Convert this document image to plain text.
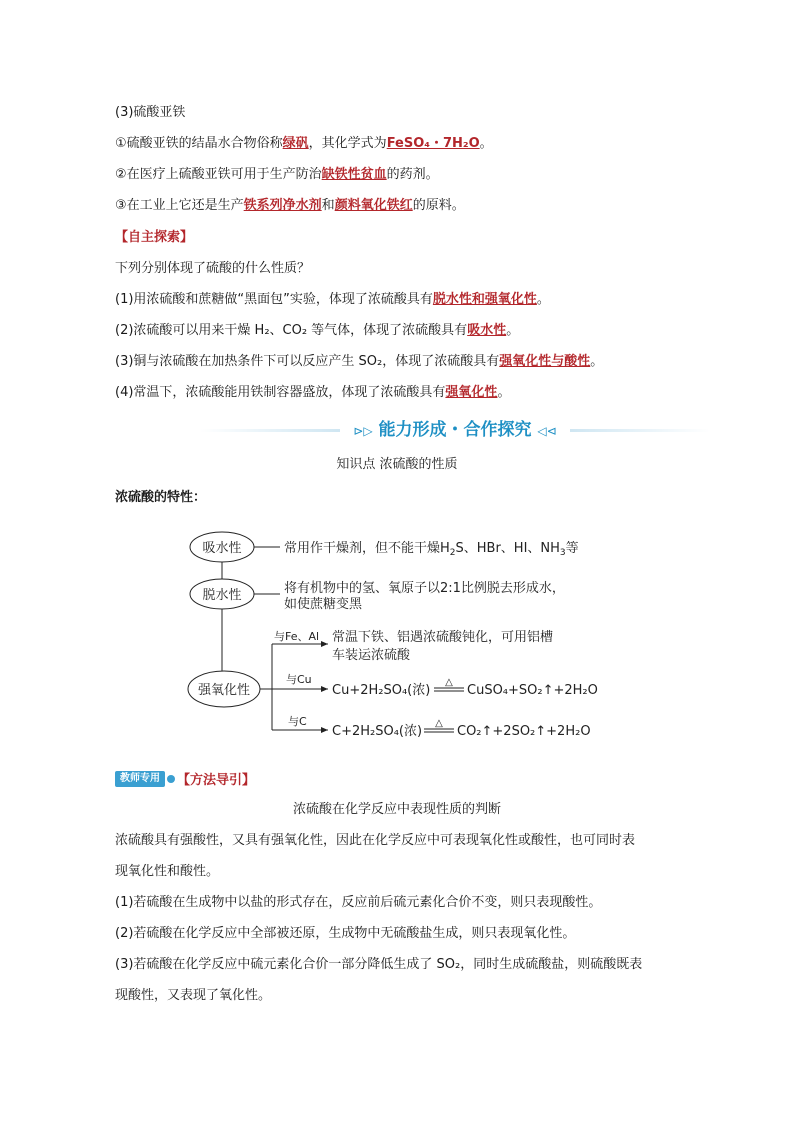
(3)硫酸亚铁
①硫酸亚铁的结晶水合物俗称绿矾，其化学式为FeSO₄・7H₂O。
②在医疗上硫酸亚铁可用于生产防治缺铁性贫血的药剂。
③在工业上它还是生产铁系列净水剂和颜料氧化铁红的原料。
【自主探索】
下列分别体现了硫酸的什么性质？
(1)用浓硫酸和蔗糖做“黑面包”实验，体现了浓硫酸具有脱水性和强氧化性。
(2)浓硫酸可以用来干燥 H₂、CO₂ 等气体，体现了浓硫酸具有吸水性。
(3)铜与浓硫酸在加热条件下可以反应产生 SO₂，体现了浓硫酸具有强氧化性与酸性。
(4)常温下，浓硫酸能用铁制容器盛放，体现了浓硫酸具有强氧化性。
⊳▷ 能力形成・合作探究 ◁⊲
知识点 浓硫酸的性质
浓硫酸的特性：
吸水性
脱水性
强氧化性
常用作干燥剂，但不能干燥$H_2S$、HBr、HI、$NH_3$等
将有机物中的氢、氧原子以2:1比例脱去形成水，
如使蔗糖变黑
与Fe、Al 常温下铁、铝遇浓硫酸钝化，可用铝槽
车装运浓硫酸
与Cu
Cu+2H₂SO₄(浓)
△
CuSO₄+SO₂↑+2H₂O
与C
C+2H₂SO₄(浓)
△
CO₂↑+2SO₂↑+2H₂O
教师专用	【方法导引】
浓硫酸在化学反应中表现性质的判断
浓硫酸具有强酸性，又具有强氧化性，因此在化学反应中可表现氧化性或酸性，也可同时表
现氧化性和酸性。
(1)若硫酸在生成物中以盐的形式存在，反应前后硫元素化合价不变，则只表现酸性。
(2)若硫酸在化学反应中全部被还原，生成物中无硫酸盐生成，则只表现氧化性。
(3)若硫酸在化学反应中硫元素化合价一部分降低生成了 SO₂，同时生成硫酸盐，则硫酸既表
现酸性，又表现了氧化性。
